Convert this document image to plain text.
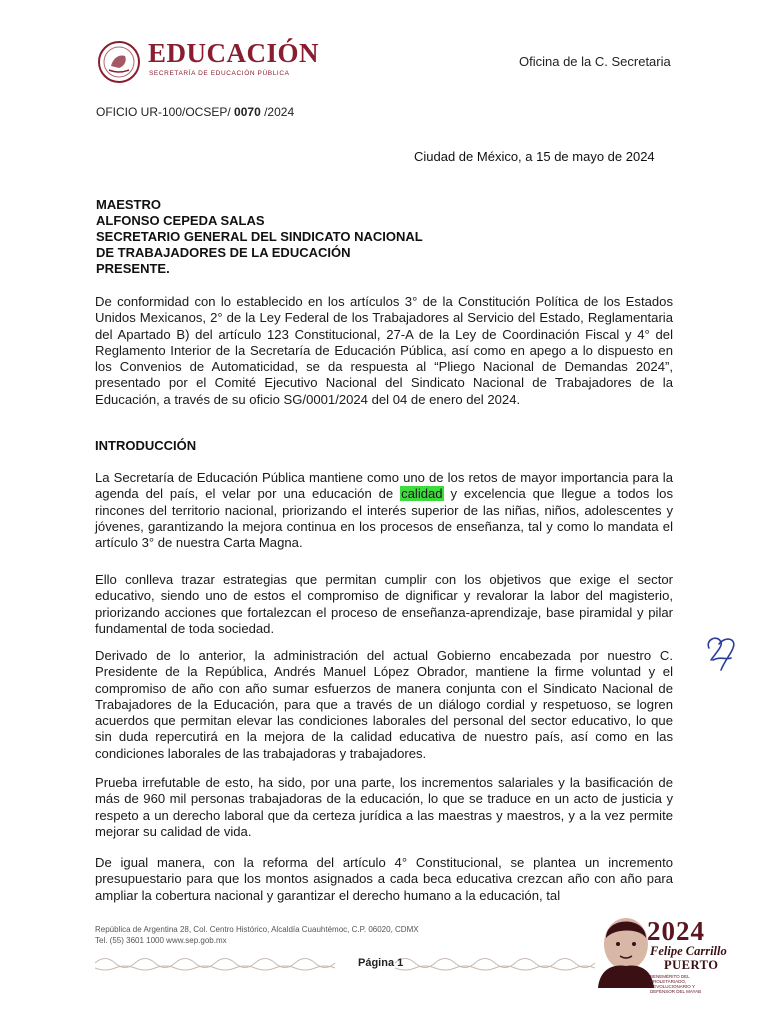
EDUCACIÓN
SECRETARÍA DE EDUCACIÓN PÚBLICA
Oficina de la C. Secretaria
OFICIO UR-100/OCSEP/ 0070 /2024
Ciudad de México, a 15 de mayo de 2024
MAESTRO
ALFONSO CEPEDA SALAS
SECRETARIO GENERAL DEL SINDICATO NACIONAL
DE TRABAJADORES DE LA EDUCACIÓN
PRESENTE.
De conformidad con lo establecido en los artículos 3° de la Constitución Política de los Estados Unidos Mexicanos, 2° de la Ley Federal de los Trabajadores al Servicio del Estado, Reglamentaria del Apartado B) del artículo 123 Constitucional, 27-A de la Ley de Coordinación Fiscal y 4° del Reglamento Interior de la Secretaría de Educación Pública, así como en apego a lo dispuesto en los Convenios de Automaticidad, se da respuesta al “Pliego Nacional de Demandas 2024”, presentado por el Comité Ejecutivo Nacional del Sindicato Nacional de Trabajadores de la Educación, a través de su oficio SG/0001/2024 del 04 de enero del 2024.
INTRODUCCIÓN
La Secretaría de Educación Pública mantiene como uno de los retos de mayor importancia para la agenda del país, el velar por una educación de calidad y excelencia que llegue a todos los rincones del territorio nacional, priorizando el interés superior de las niñas, niños, adolescentes y jóvenes, garantizando la mejora continua en los procesos de enseñanza, tal y como lo mandata el artículo 3° de nuestra Carta Magna.
Ello conlleva trazar estrategias que permitan cumplir con los objetivos que exige el sector educativo, siendo uno de estos el compromiso de dignificar y revalorar la labor del magisterio, priorizando acciones que fortalezcan el proceso de enseñanza-aprendizaje, base piramidal y pilar fundamental de toda sociedad.
Derivado de lo anterior, la administración del actual Gobierno encabezada por nuestro C. Presidente de la República, Andrés Manuel López Obrador, mantiene la firme voluntad y el compromiso de año con año sumar esfuerzos de manera conjunta con el Sindicato Nacional de Trabajadores de la Educación, para que a través de un diálogo cordial y respetuoso, se logren acuerdos que permitan elevar las condiciones laborales del personal del sector educativo, lo que sin duda repercutirá en la mejora de la calidad educativa de nuestro país, así como en las condiciones laborales de las trabajadoras y trabajadores.
Prueba irrefutable de esto, ha sido, por una parte, los incrementos salariales y la basificación de más de 960 mil personas trabajadoras de la educación, lo que se traduce en un acto de justicia y respeto a un derecho laboral que da certeza jurídica a las maestras y maestros, y a la vez permite mejorar su calidad de vida.
De igual manera, con la reforma del artículo 4° Constitucional, se plantea un incremento presupuestario para que los montos asignados a cada beca educativa crezcan año con año para ampliar la cobertura nacional y garantizar el derecho humano a la educación, tal
República de Argentina 28, Col. Centro Histórico, Alcaldía Cuauhtémoc, C.P. 06020, CDMX
Tel. (55) 3601 1000 www.sep.gob.mx
Página 1
2024
Felipe Carrillo
PUERTO
BENEMÉRITO DEL PROLETARIADO, REVOLUCIONARIO Y DEFENSOR DEL MAYAB
